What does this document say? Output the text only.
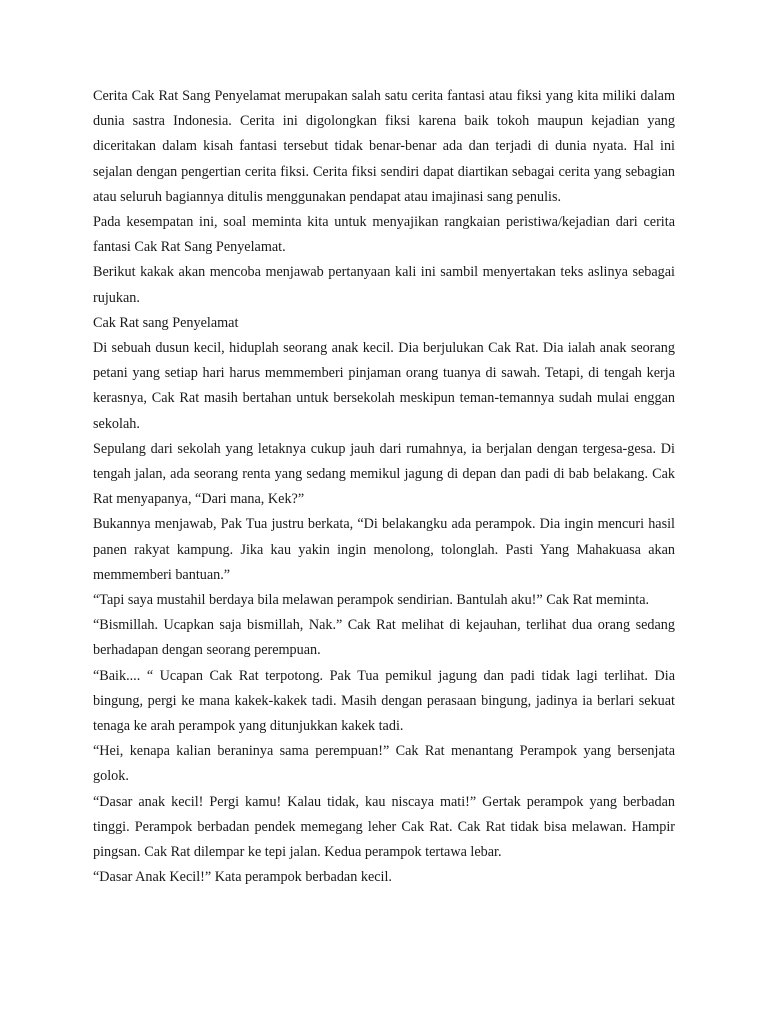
Cerita Cak Rat Sang Penyelamat merupakan salah satu cerita fantasi atau fiksi yang kita miliki dalam dunia sastra Indonesia. Cerita ini digolongkan fiksi karena baik tokoh maupun kejadian yang diceritakan dalam kisah fantasi tersebut tidak benar-benar ada dan terjadi di dunia nyata. Hal ini sejalan dengan pengertian cerita fiksi. Cerita fiksi sendiri dapat diartikan sebagai cerita yang sebagian atau seluruh bagiannya ditulis menggunakan pendapat atau imajinasi sang penulis.

Pada kesempatan ini, soal meminta kita untuk menyajikan rangkaian peristiwa/kejadian dari cerita fantasi Cak Rat Sang Penyelamat.

Berikut kakak akan mencoba menjawab pertanyaan kali ini sambil menyertakan teks aslinya sebagai rujukan.

Cak Rat sang Penyelamat

Di sebuah dusun kecil, hiduplah seorang anak kecil. Dia berjulukan Cak Rat. Dia ialah anak seorang petani yang setiap hari harus memmemberi pinjaman orang tuanya di sawah. Tetapi, di tengah kerja kerasnya, Cak Rat masih bertahan untuk bersekolah meskipun teman-temannya sudah mulai enggan sekolah.

Sepulang dari sekolah yang letaknya cukup jauh dari rumahnya, ia berjalan dengan tergesa-gesa. Di tengah jalan, ada seorang renta yang sedang memikul jagung di depan dan padi di bab belakang. Cak Rat menyapanya, “Dari mana, Kek?”

Bukannya menjawab, Pak Tua justru berkata, “Di belakangku ada perampok. Dia ingin mencuri hasil panen rakyat kampung. Jika kau yakin ingin menolong, tolonglah. Pasti Yang Mahakuasa akan memmemberi bantuan.”

“Tapi saya mustahil berdaya bila melawan perampok sendirian. Bantulah aku!” Cak Rat meminta.

“Bismillah. Ucapkan saja bismillah, Nak.” Cak Rat melihat di kejauhan, terlihat dua orang sedang berhadapan dengan seorang perempuan.

“Baik.... “ Ucapan Cak Rat terpotong. Pak Tua pemikul jagung dan padi tidak lagi terlihat. Dia bingung, pergi ke mana kakek-kakek tadi. Masih dengan perasaan bingung, jadinya ia berlari sekuat tenaga ke arah perampok yang ditunjukkan kakek tadi.

“Hei, kenapa kalian beraninya sama perempuan!” Cak Rat menantang Perampok yang bersenjata golok.

“Dasar anak kecil! Pergi kamu! Kalau tidak, kau niscaya mati!” Gertak perampok yang berbadan tinggi. Perampok berbadan pendek memegang leher Cak Rat. Cak Rat tidak bisa melawan. Hampir pingsan. Cak Rat dilempar ke tepi jalan. Kedua perampok tertawa lebar.

“Dasar Anak Kecil!” Kata perampok berbadan kecil.
